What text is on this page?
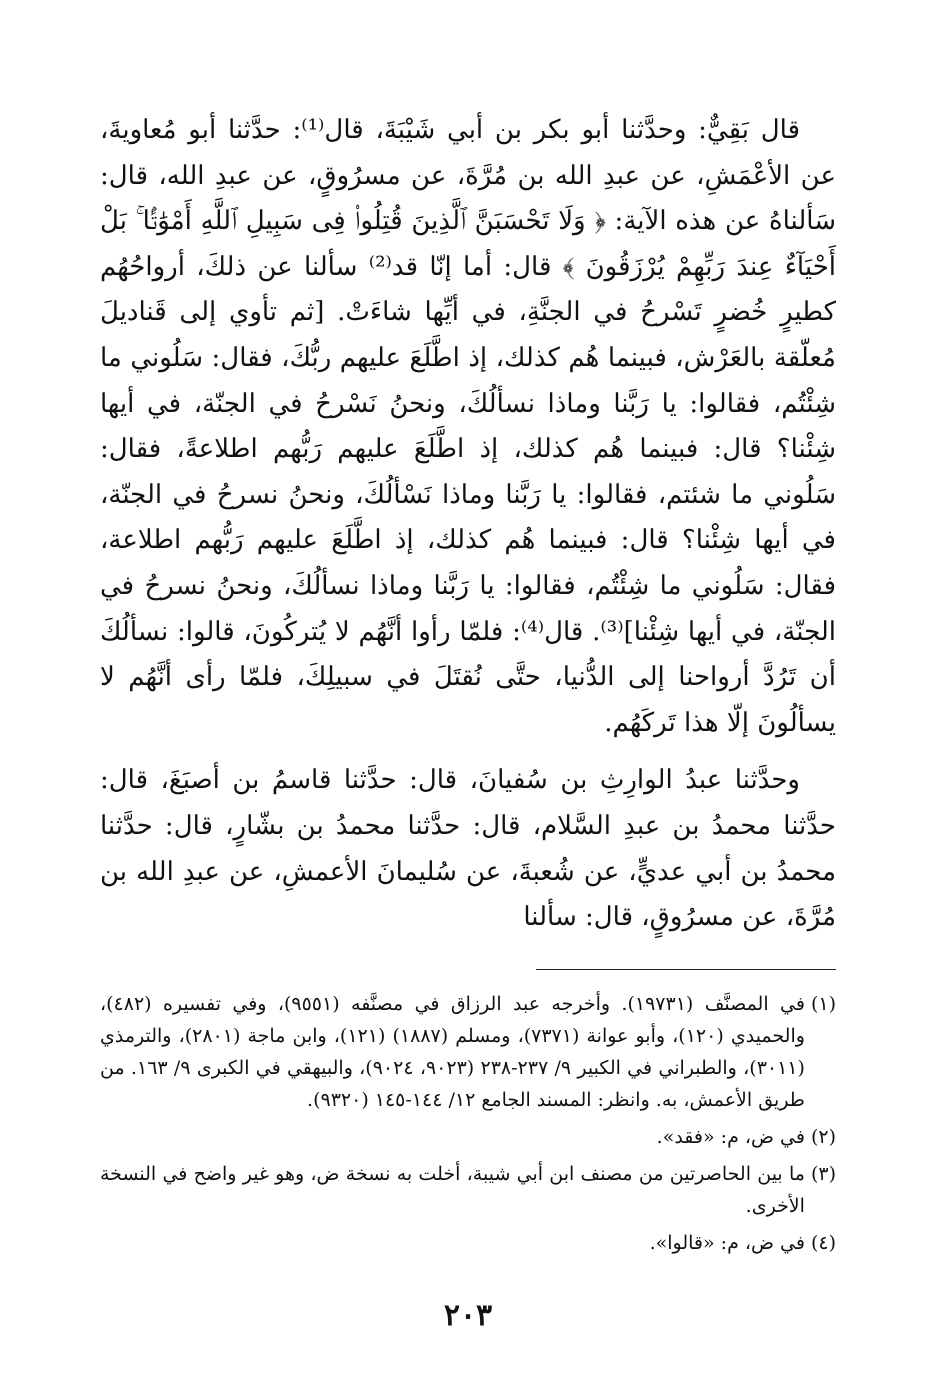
قال بَقِيٌّ: وحدَّثنا أبو بكر بن أبي شَيْبَةَ، قال⁽¹⁾: حدَّثنا أبو مُعاويةَ، عن الأعْمَشِ، عن عبدِ الله بن مُرَّةَ، عن مسرُوقٍ، عن عبدِ الله، قال: سَألناهُ عن هذه الآية: ﴿ وَلَا تَحْسَبَنَّ ٱلَّذِينَ قُتِلُوا۟ فِى سَبِيلِ ٱللَّهِ أَمْوَٰتًۢا ۚ بَلْ أَحْيَآءٌ عِندَ رَبِّهِمْ يُرْزَقُونَ ﴾ قال: أما إنّا قد⁽²⁾ سألنا عن ذلكَ، أرواحُهُم كطيرٍ خُضرٍ تَسْرحُ في الجنَّةِ، في أيِّها شاءَتْ. [ثم تأوي إلى قَناديلَ مُعلّقة بالعَرْش، فبينما هُم كذلك، إذ اطَّلَعَ عليهم ربُّكَ، فقال: سَلُوني ما شِئْتُم، فقالوا: يا رَبَّنا وماذا نسألُكَ، ونحنُ نَسْرحُ في الجنّة، في أيها شِئْنا؟ قال: فبينما هُم كذلك، إذ اطَّلَعَ عليهم رَبُّهم اطلاعةً، فقال: سَلُوني ما شئتم، فقالوا: يا رَبَّنا وماذا نَسْألُكَ، ونحنُ نسرحُ في الجنّة، في أيها شِئْنا؟ قال: فبينما هُم كذلك، إذ اطَّلَعَ عليهم رَبُّهم اطلاعة، فقال: سَلُوني ما شِئْتُم، فقالوا: يا رَبَّنا وماذا نسألُكَ، ونحنُ نسرحُ في الجنّة، في أيها شِئْنا]⁽³⁾. قال⁽⁴⁾: فلمّا رأوا أنَّهُم لا يُتركُونَ، قالوا: نسألُكَ أن تَرُدَّ أرواحنا إلى الدُّنيا، حتَّى نُقتَلَ في سبيلِكَ، فلمّا رأى أنَّهُم لا يسألُونَ إلّا هذا تَركَهُم.

وحدَّثنا عبدُ الوارِثِ بن سُفيانَ، قال: حدَّثنا قاسمُ بن أصبَغَ، قال: حدَّثنا محمدُ بن عبدِ السَّلام، قال: حدَّثنا محمدُ بن بشّارٍ، قال: حدَّثنا محمدُ بن أبي عديٍّ، عن شُعبةَ، عن سُليمانَ الأعمشِ، عن عبدِ الله بن مُرَّةَ، عن مسرُوقٍ، قال: سألنا

(١)
في المصنَّف (١٩٧٣١). وأخرجه عبد الرزاق في مصنَّفه (٩٥٥١)، وفي تفسيره (٤٨٢)، والحميدي (١٢٠)، وأبو عوانة (٧٣٧١)، ومسلم (١٨٨٧) (١٢١)، وابن ماجة (٢٨٠١)، والترمذي (٣٠١١)، والطبراني في الكبير ٩/ ٢٣٧-٢٣٨ (٩٠٢٣، ٩٠٢٤)، والبيهقي في الكبرى ٩/ ١٦٣. من طريق الأعمش، به. وانظر: المسند الجامع ١٢/ ١٤٤-١٤٥ (٩٣٢٠).
(٢)
في ض، م: «فقد».
(٣)
ما بين الحاصرتين من مصنف ابن أبي شيبة، أخلت به نسخة ض، وهو غير واضح في النسخة الأخرى.
(٤)
في ض، م: «قالوا».
٢٠٣
